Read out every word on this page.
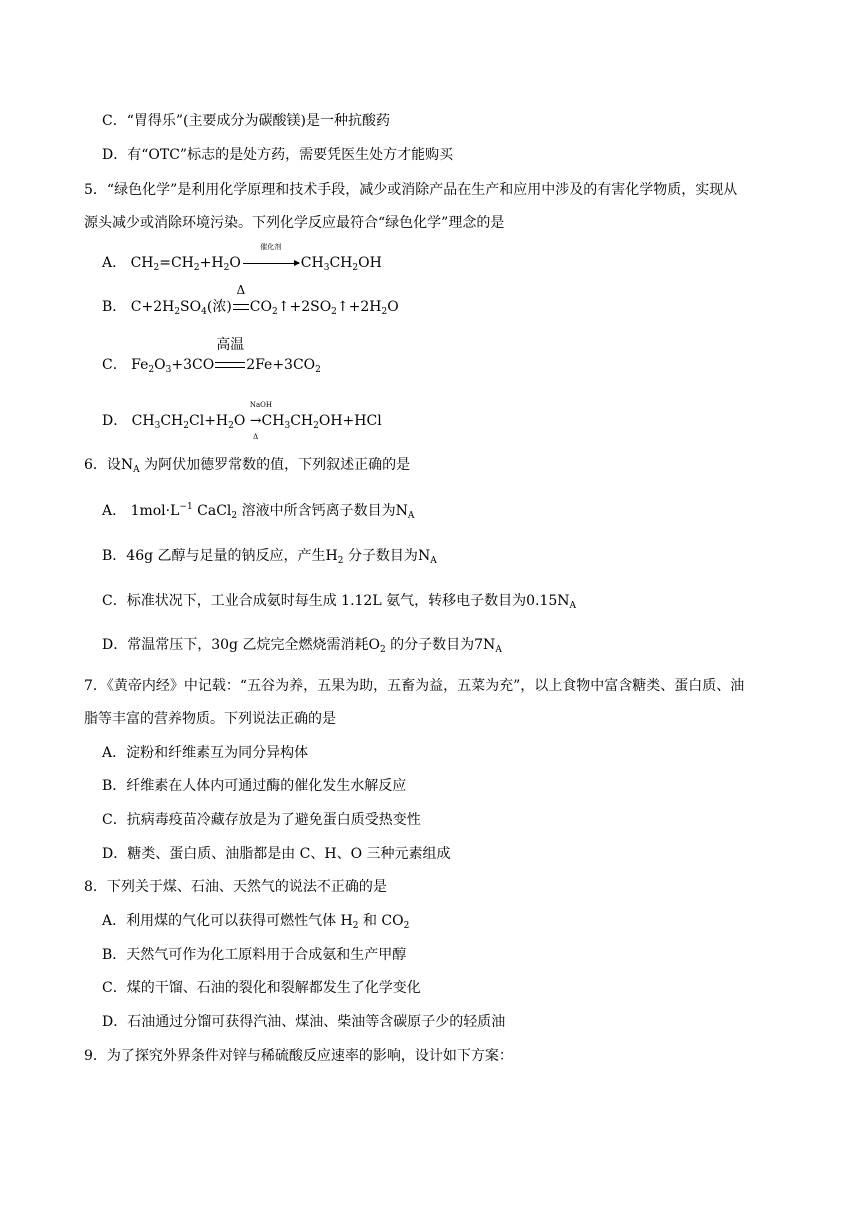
C．“胃得乐”(主要成分为碳酸镁)是一种抗酸药
D．有“OTC”标志的是处方药，需要凭医生处方才能购买
5．“绿色化学”是利用化学原理和技术手段，减少或消除产品在生产和应用中涉及的有害化学物质，实现从
源头减少或消除环境污染。下列化学反应最符合“绿色化学”理念的是
A． $CH_2=CH_2+H_2O$
催化剂
$CH_3CH_2OH$
B． $C+2H_2SO_4$(浓)
Δ
$CO_2↑+2SO_2↑+2H_2O$
C． $Fe_2O_3+3CO$
高温
$2Fe+3CO_2$
D． $CH_3CH_2Cl+H_2O$
NaOH
→
Δ
$CH_3CH_2OH+HCl$
6．设$N_A$ 为阿伏加德罗常数的值，下列叙述正确的是
A． $1mol\cdot L^{-1}$ CaCl$_2$ 溶液中所含钙离子数目为$N_A$
B．46g 乙醇与足量的钠反应，产生$H_2$ 分子数目为$N_A$
C．标准状况下，工业合成氨时每生成 1.12L 氨气，转移电子数目为$0.15N_A$
D．常温常压下，30g 乙烷完全燃烧需消耗$O_2$ 的分子数目为$7N_A$
7．《黄帝内经》中记载：“五谷为养，五果为助，五畜为益，五菜为充”，以上食物中富含糖类、蛋白质、油
脂等丰富的营养物质。下列说法正确的是
A．淀粉和纤维素互为同分异构体
B．纤维素在人体内可通过酶的催化发生水解反应
C．抗病毒疫苗冷藏存放是为了避免蛋白质受热变性
D．糖类、蛋白质、油脂都是由 C、H、O 三种元素组成
8．下列关于煤、石油、天然气的说法不正确的是
A．利用煤的气化可以获得可燃性气体 $H_2$ 和 $CO_2$
B．天然气可作为化工原料用于合成氨和生产甲醇
C．煤的干馏、石油的裂化和裂解都发生了化学变化
D．石油通过分馏可获得汽油、煤油、柴油等含碳原子少的轻质油
9．为了探究外界条件对锌与稀硫酸反应速率的影响，设计如下方案：
